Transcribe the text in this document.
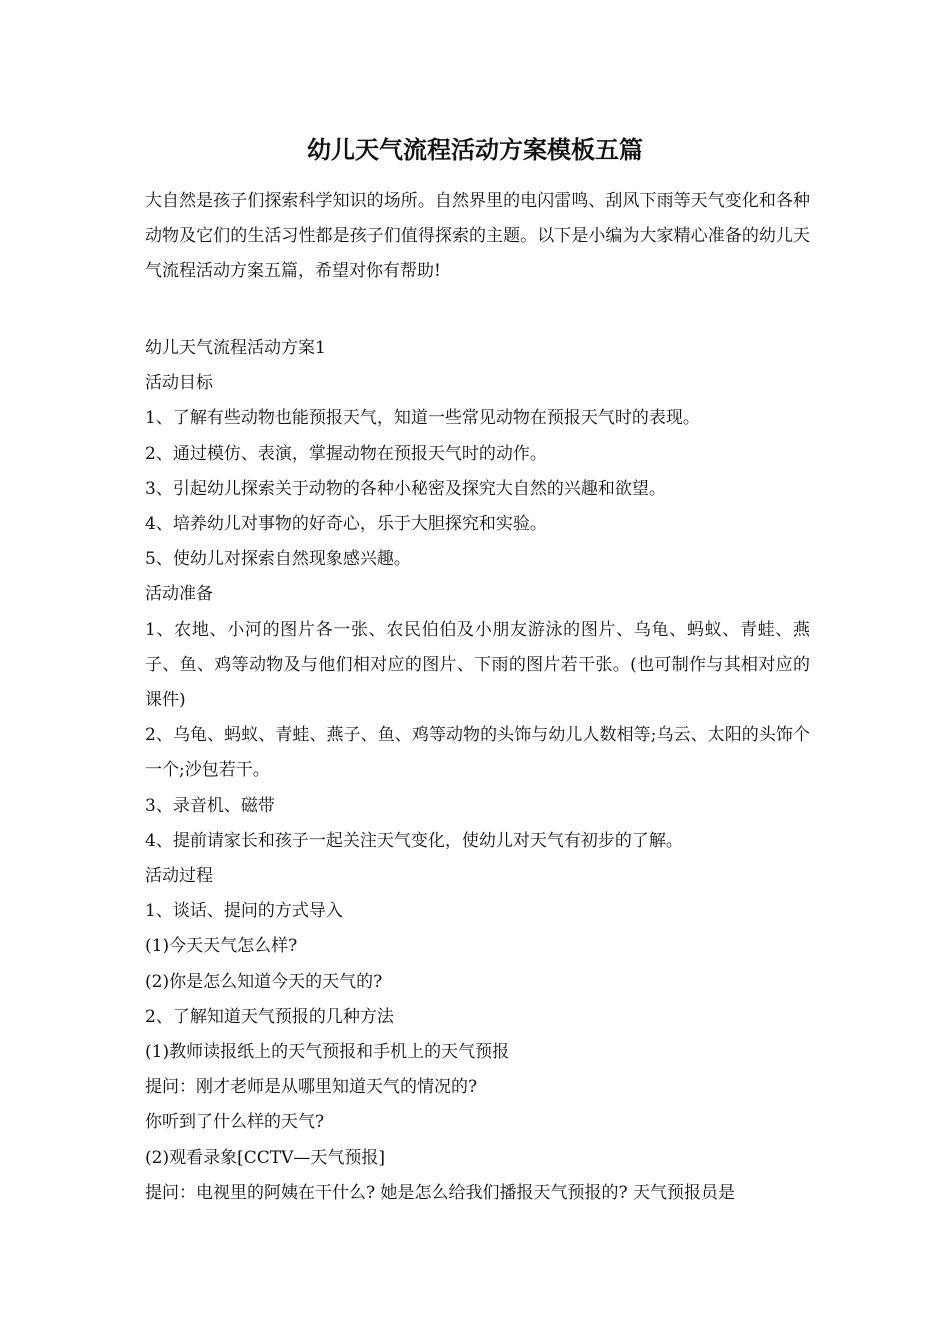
幼儿天气流程活动方案模板五篇

大自然是孩子们探索科学知识的场所。自然界里的电闪雷鸣、刮风下雨等天气变化和各种动物及它们的生活习性都是孩子们值得探索的主题。以下是小编为大家精心准备的幼儿天气流程活动方案五篇，希望对你有帮助!

幼儿天气流程活动方案1

活动目标

1、了解有些动物也能预报天气，知道一些常见动物在预报天气时的表现。

2、通过模仿、表演，掌握动物在预报天气时的动作。

3、引起幼儿探索关于动物的各种小秘密及探究大自然的兴趣和欲望。

4、培养幼儿对事物的好奇心，乐于大胆探究和实验。

5、使幼儿对探索自然现象感兴趣。

活动准备

1、农地、小河的图片各一张、农民伯伯及小朋友游泳的图片、乌龟、蚂蚁、青蛙、燕子、鱼、鸡等动物及与他们相对应的图片、下雨的图片若干张。(也可制作与其相对应的课件)

2、乌龟、蚂蚁、青蛙、燕子、鱼、鸡等动物的头饰与幼儿人数相等;乌云、太阳的头饰个一个;沙包若干。

3、录音机、磁带

4、提前请家长和孩子一起关注天气变化，使幼儿对天气有初步的了解。

活动过程

1、谈话、提问的方式导入

(1)今天天气怎么样?

(2)你是怎么知道今天的天气的?

2、了解知道天气预报的几种方法

(1)教师读报纸上的天气预报和手机上的天气预报

提问：刚才老师是从哪里知道天气的情况的?

你听到了什么样的天气?

(2)观看录象[CCTV—天气预报]

提问：电视里的阿姨在干什么? 她是怎么给我们播报天气预报的? 天气预报员是
